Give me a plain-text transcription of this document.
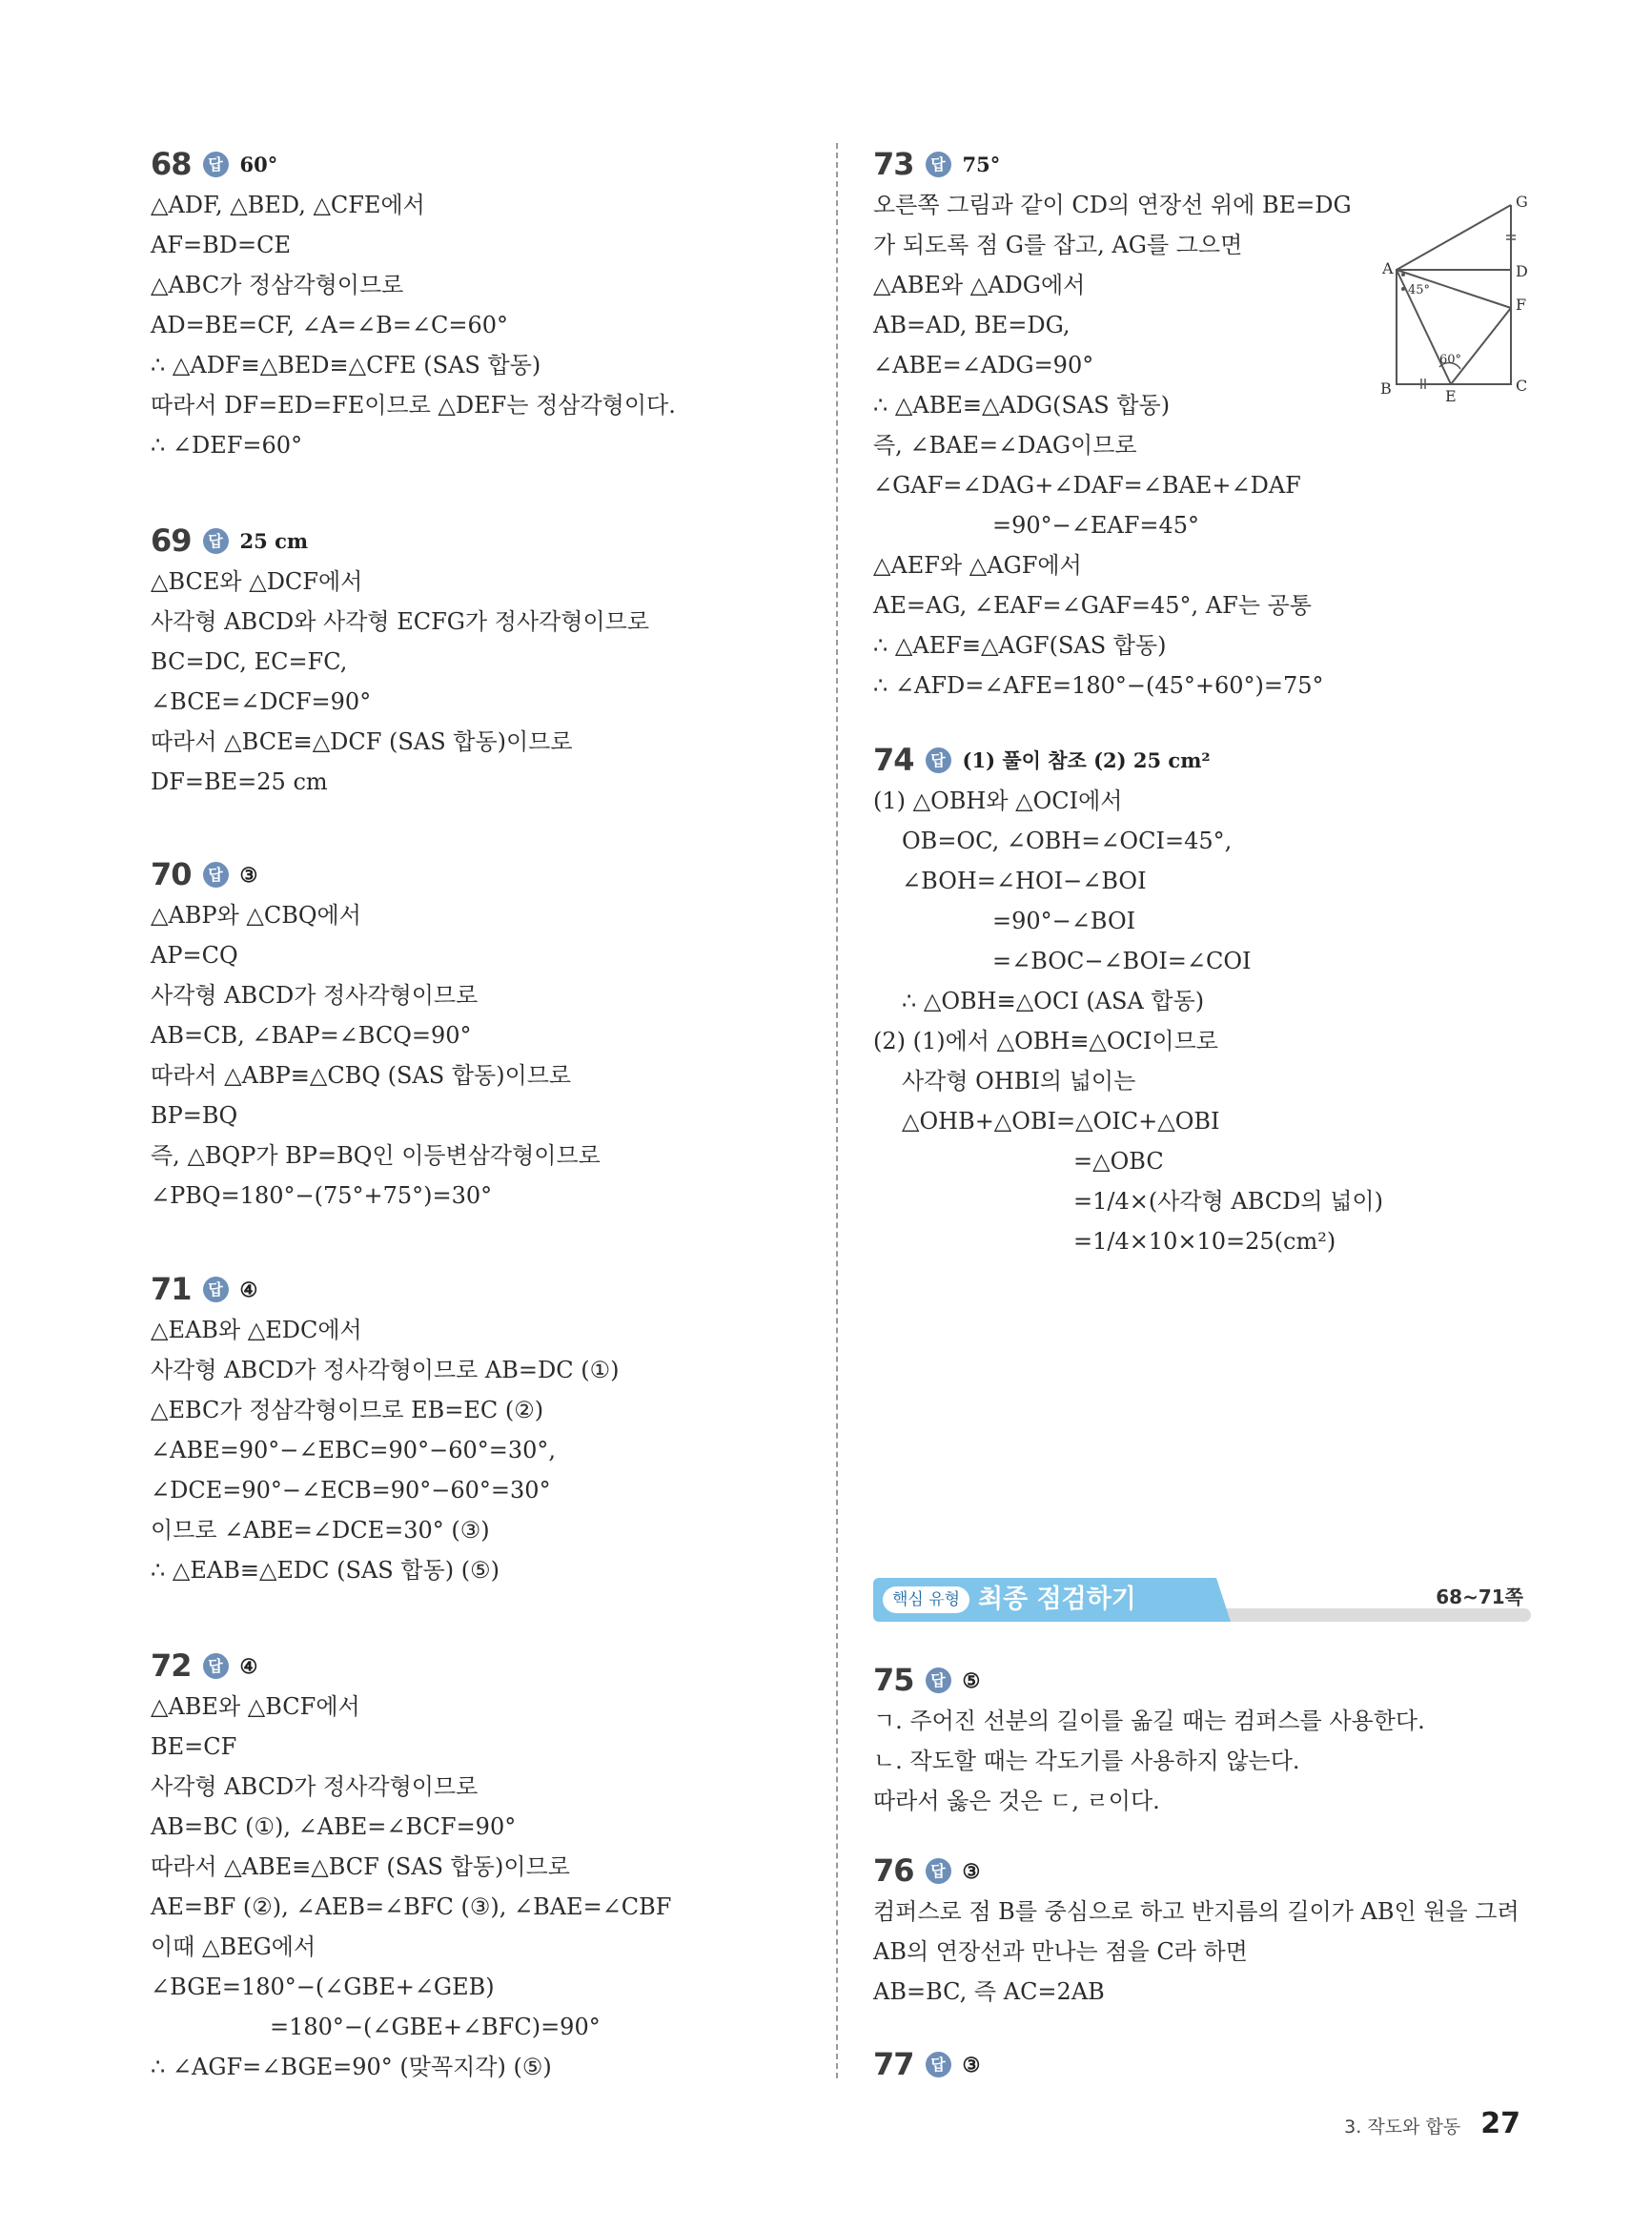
68	답 60°
△ADF, △BED, △CFE에서
AF=BD=CE
△ABC가 정삼각형이므로
AD=BE=CF, ∠A=∠B=∠C=60°
∴ △ADF≡△BED≡△CFE (SAS 합동)
따라서 DF=ED=FE이므로 △DEF는 정삼각형이다.
∴ ∠DEF=60°
69	답 25 cm
△BCE와 △DCF에서
사각형 ABCD와 사각형 ECFG가 정사각형이므로
BC=DC, EC=FC,
∠BCE=∠DCF=90°
따라서 △BCE≡△DCF (SAS 합동)이므로
DF=BE=25 cm
70	답 ③
△ABP와 △CBQ에서
AP=CQ
사각형 ABCD가 정사각형이므로
AB=CB, ∠BAP=∠BCQ=90°
따라서 △ABP≡△CBQ (SAS 합동)이므로
BP=BQ
즉, △BQP가 BP=BQ인 이등변삼각형이므로
∠PBQ=180°−(75°+75°)=30°
71	답 ④
△EAB와 △EDC에서
사각형 ABCD가 정사각형이므로 AB=DC (①)
△EBC가 정삼각형이므로 EB=EC (②)
∠ABE=90°−∠EBC=90°−60°=30°,
∠DCE=90°−∠ECB=90°−60°=30°
이므로 ∠ABE=∠DCE=30° (③)
∴ △EAB≡△EDC (SAS 합동) (⑤)
72	답 ④
△ABE와 △BCF에서
BE=CF
사각형 ABCD가 정사각형이므로
AB=BC (①), ∠ABE=∠BCF=90°
따라서 △ABE≡△BCF (SAS 합동)이므로
AE=BF (②), ∠AEB=∠BFC (③), ∠BAE=∠CBF
이때 △BEG에서
∠BGE=180°−(∠GBE+∠GEB)
=180°−(∠GBE+∠BFC)=90°
∴ ∠AGF=∠BGE=90° (맞꼭지각) (⑤)
73	답 75°
오른쪽 그림과 같이 CD의 연장선 위에 BE=DG
가 되도록 점 G를 잡고, AG를 그으면
△ABE와 △ADG에서
AB=AD, BE=DG,
∠ABE=∠ADG=90°
∴ △ABE≡△ADG(SAS 합동)
즉, ∠BAE=∠DAG이므로
∠GAF=∠DAG+∠DAF=∠BAE+∠DAF
=90°−∠EAF=45°
△AEF와 △AGF에서
AE=AG, ∠EAF=∠GAF=45°, AF는 공통
∴ △AEF≡△AGF(SAS 합동)
∴ ∠AFD=∠AFE=180°−(45°+60°)=75°
74	답 (1) 풀이 참조 (2) 25 cm²
(1) △OBH와 △OCI에서
OB=OC, ∠OBH=∠OCI=45°,
∠BOH=∠HOI−∠BOI
=90°−∠BOI
=∠BOC−∠BOI=∠COI
∴ △OBH≡△OCI (ASA 합동)
(2) (1)에서 △OBH≡△OCI이므로
사각형 OHBI의 넓이는
△OHB+△OBI=△OIC+△OBI
=△OBC
=1/4×(사각형 ABCD의 넓이)
=1/4×10×10=25(cm²)
75	답 ⑤
ㄱ. 주어진 선분의 길이를 옮길 때는 컴퍼스를 사용한다.
ㄴ. 작도할 때는 각도기를 사용하지 않는다.
따라서 옳은 것은 ㄷ, ㄹ이다.
76	답 ③
컴퍼스로 점 B를 중심으로 하고 반지름의 길이가 AB인 원을 그려
AB의 연장선과 만나는 점을 C라 하면
AB=BC, 즉 AC=2AB
77	답 ③
A
G
D
F
B	E
C
45°
60°
핵심 유형 최종 점검하기	68~71쪽
3. 작도와 합동 27
